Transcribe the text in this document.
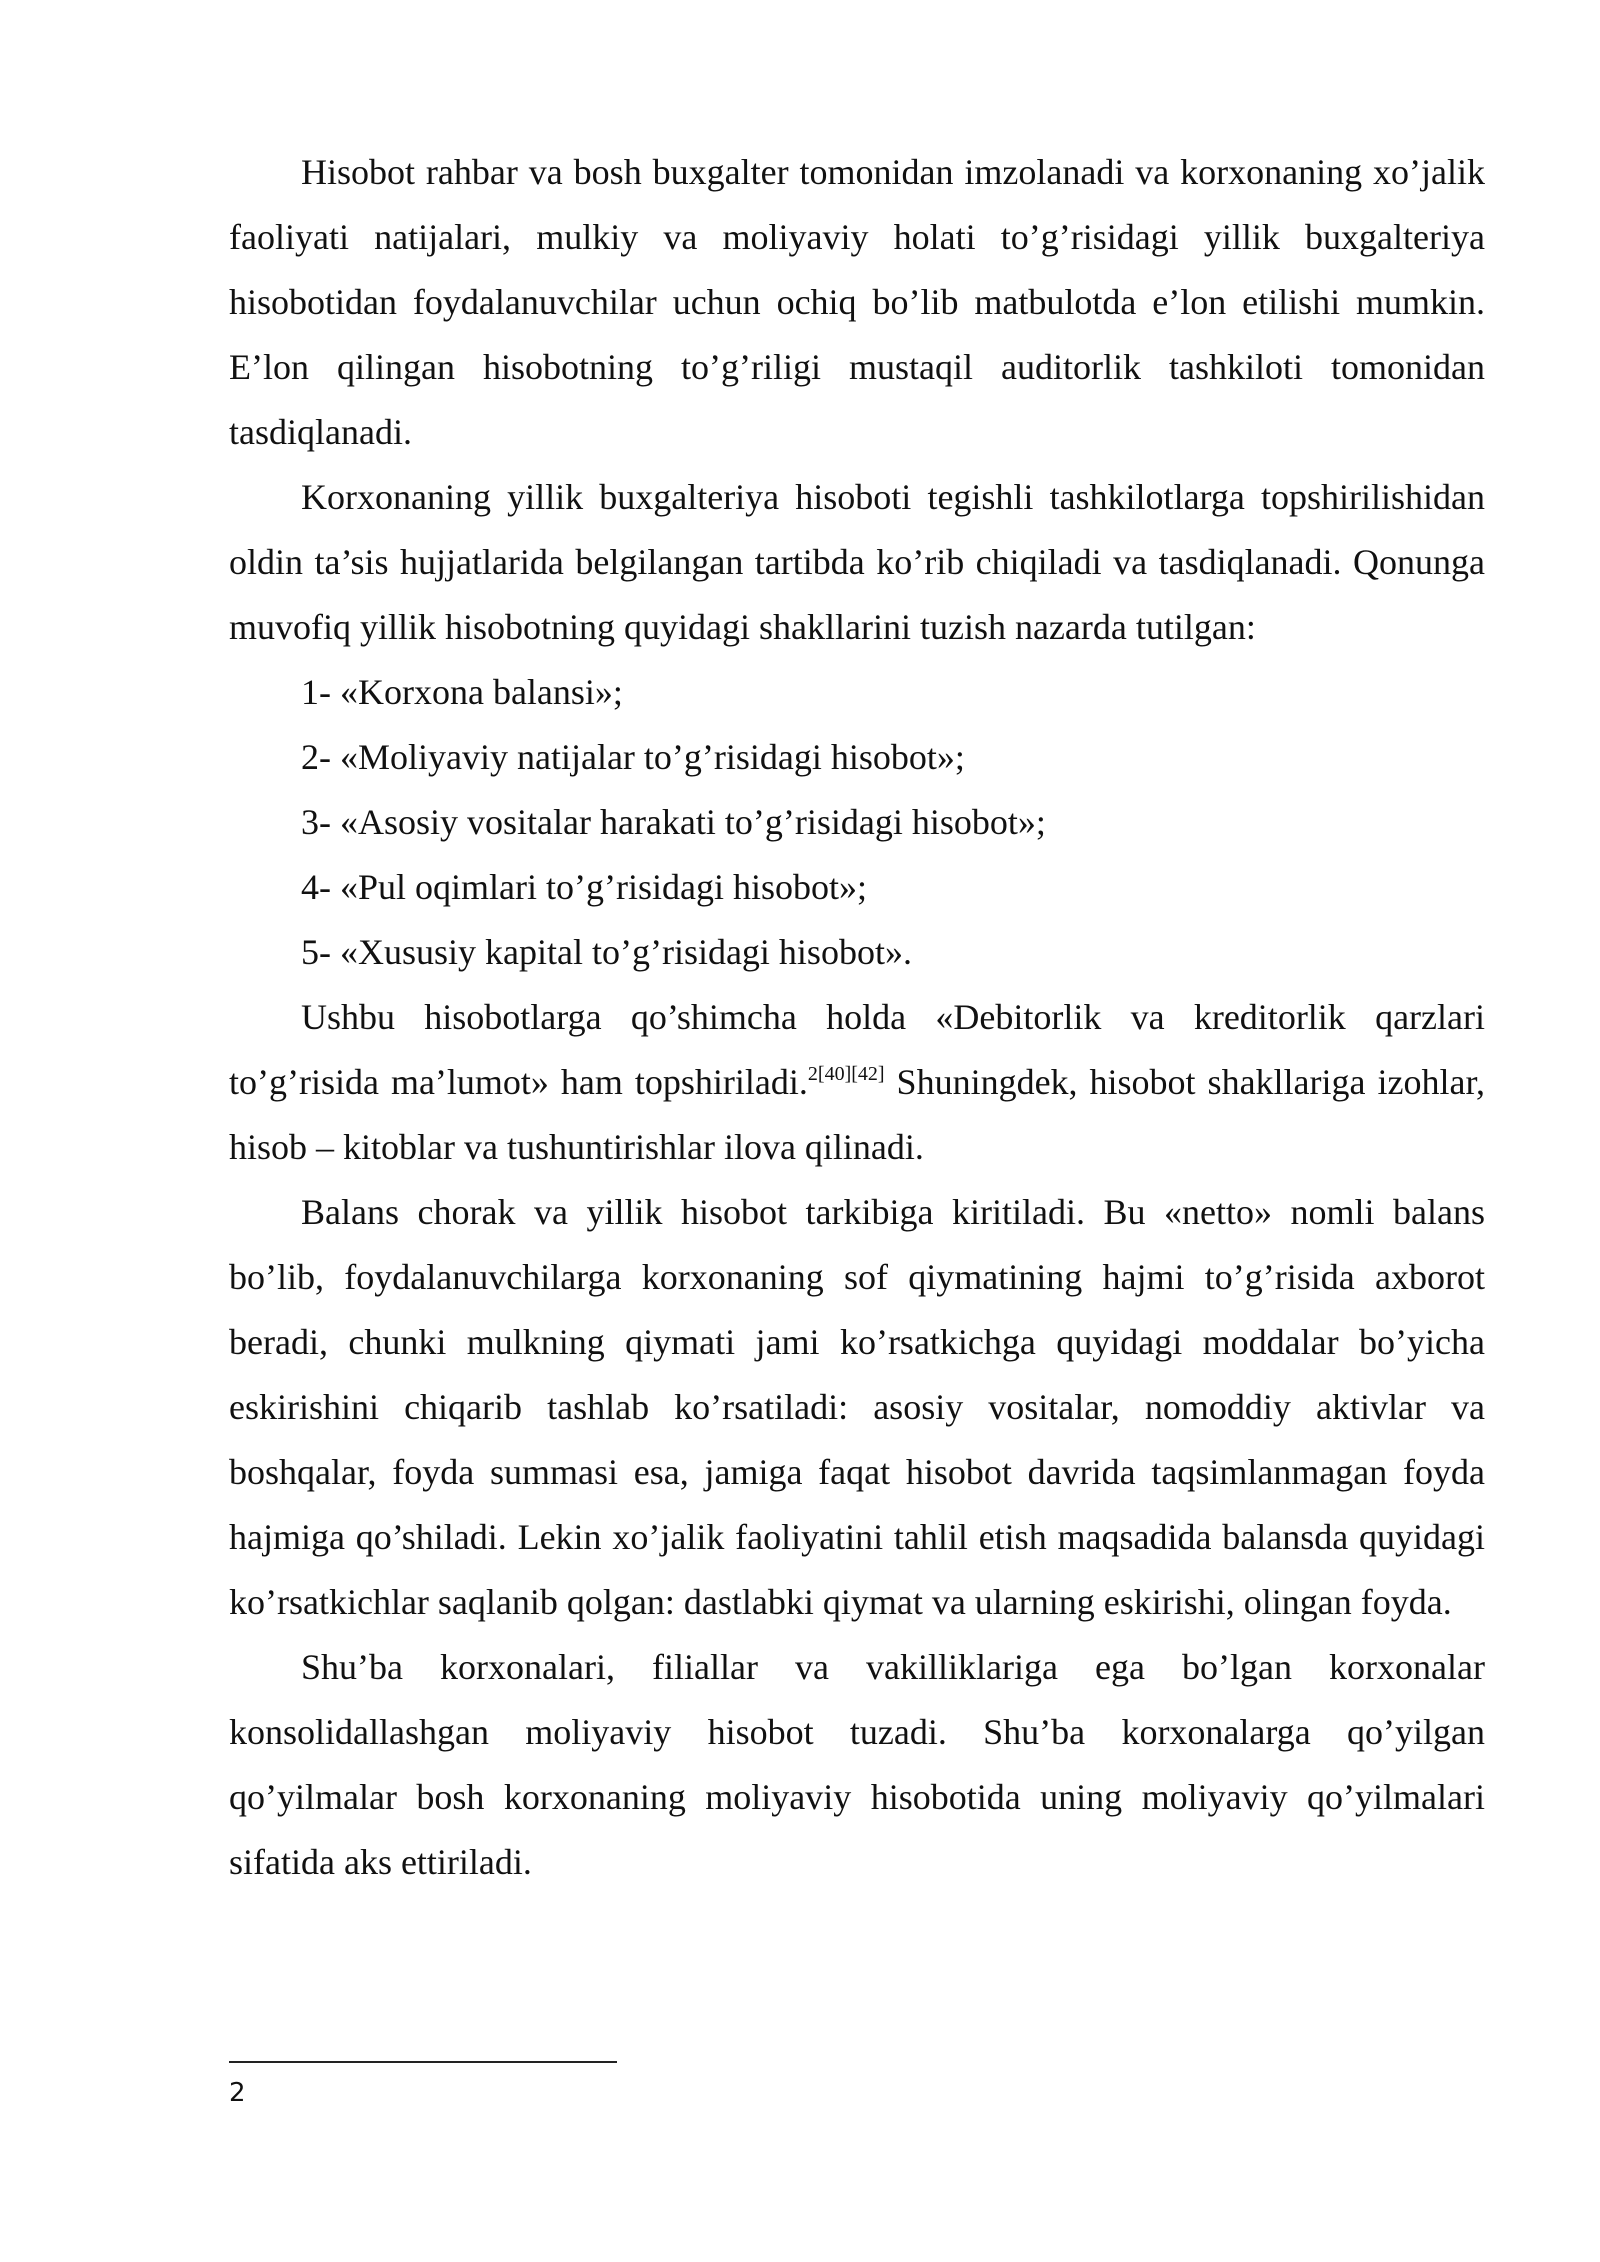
Hisobot rahbar va bosh buxgalter tomonidan imzolanadi va korxonaning xo’jalik faoliyati natijalari, mulkiy va moliyaviy holati to’g’risidagi yillik buxgalteriya hisobotidan foydalanuvchilar uchun ochiq bo’lib matbulotda e’lon etilishi mumkin. E’lon qilingan hisobotning to’g’riligi mustaqil auditorlik tashkiloti tomonidan tasdiqlanadi.

Korxonaning yillik buxgalteriya hisoboti tegishli tashkilotlarga topshirilishidan oldin ta’sis hujjatlarida belgilangan tartibda ko’rib chiqiladi va tasdiqlanadi. Qonunga muvofiq yillik hisobotning quyidagi shakllarini tuzish nazarda tutilgan:

1- «Korxona balansi»;

2- «Moliyaviy natijalar to’g’risidagi hisobot»;

3- «Asosiy vositalar harakati to’g’risidagi hisobot»;

4- «Pul oqimlari to’g’risidagi hisobot»;

5- «Xususiy kapital to’g’risidagi hisobot».

Ushbu hisobotlarga qo’shimcha holda «Debitorlik va kreditorlik qarzlari to’g’risida ma’lumot» ham topshiriladi.$^{2[40][42]}$ Shuningdek, hisobot shakllariga izohlar, hisob – kitoblar va tushuntirishlar ilova qilinadi.

Balans chorak va yillik hisobot tarkibiga kiritiladi. Bu «netto» nomli balans bo’lib, foydalanuvchilarga korxonaning sof qiymatining hajmi to’g’risida axborot beradi, chunki mulkning qiymati jami ko’rsatkichga quyidagi moddalar bo’yicha eskirishini chiqarib tashlab ko’rsatiladi: asosiy vositalar, nomoddiy aktivlar va boshqalar, foyda summasi esa, jamiga faqat hisobot davrida taqsimlanmagan foyda hajmiga qo’shiladi. Lekin xo’jalik faoliyatini tahlil etish maqsadida balansda quyidagi ko’rsatkichlar saqlanib qolgan: dastlabki qiymat va ularning eskirishi, olingan foyda.

Shu’ba korxonalari, filiallar va vakilliklariga ega bo’lgan korxonalar konsolidallashgan moliyaviy hisobot tuzadi. Shu’ba korxonalarga qo’yilgan qo’yilmalar bosh korxonaning moliyaviy hisobotida uning moliyaviy qo’yilmalari sifatida aks ettiriladi.

2
